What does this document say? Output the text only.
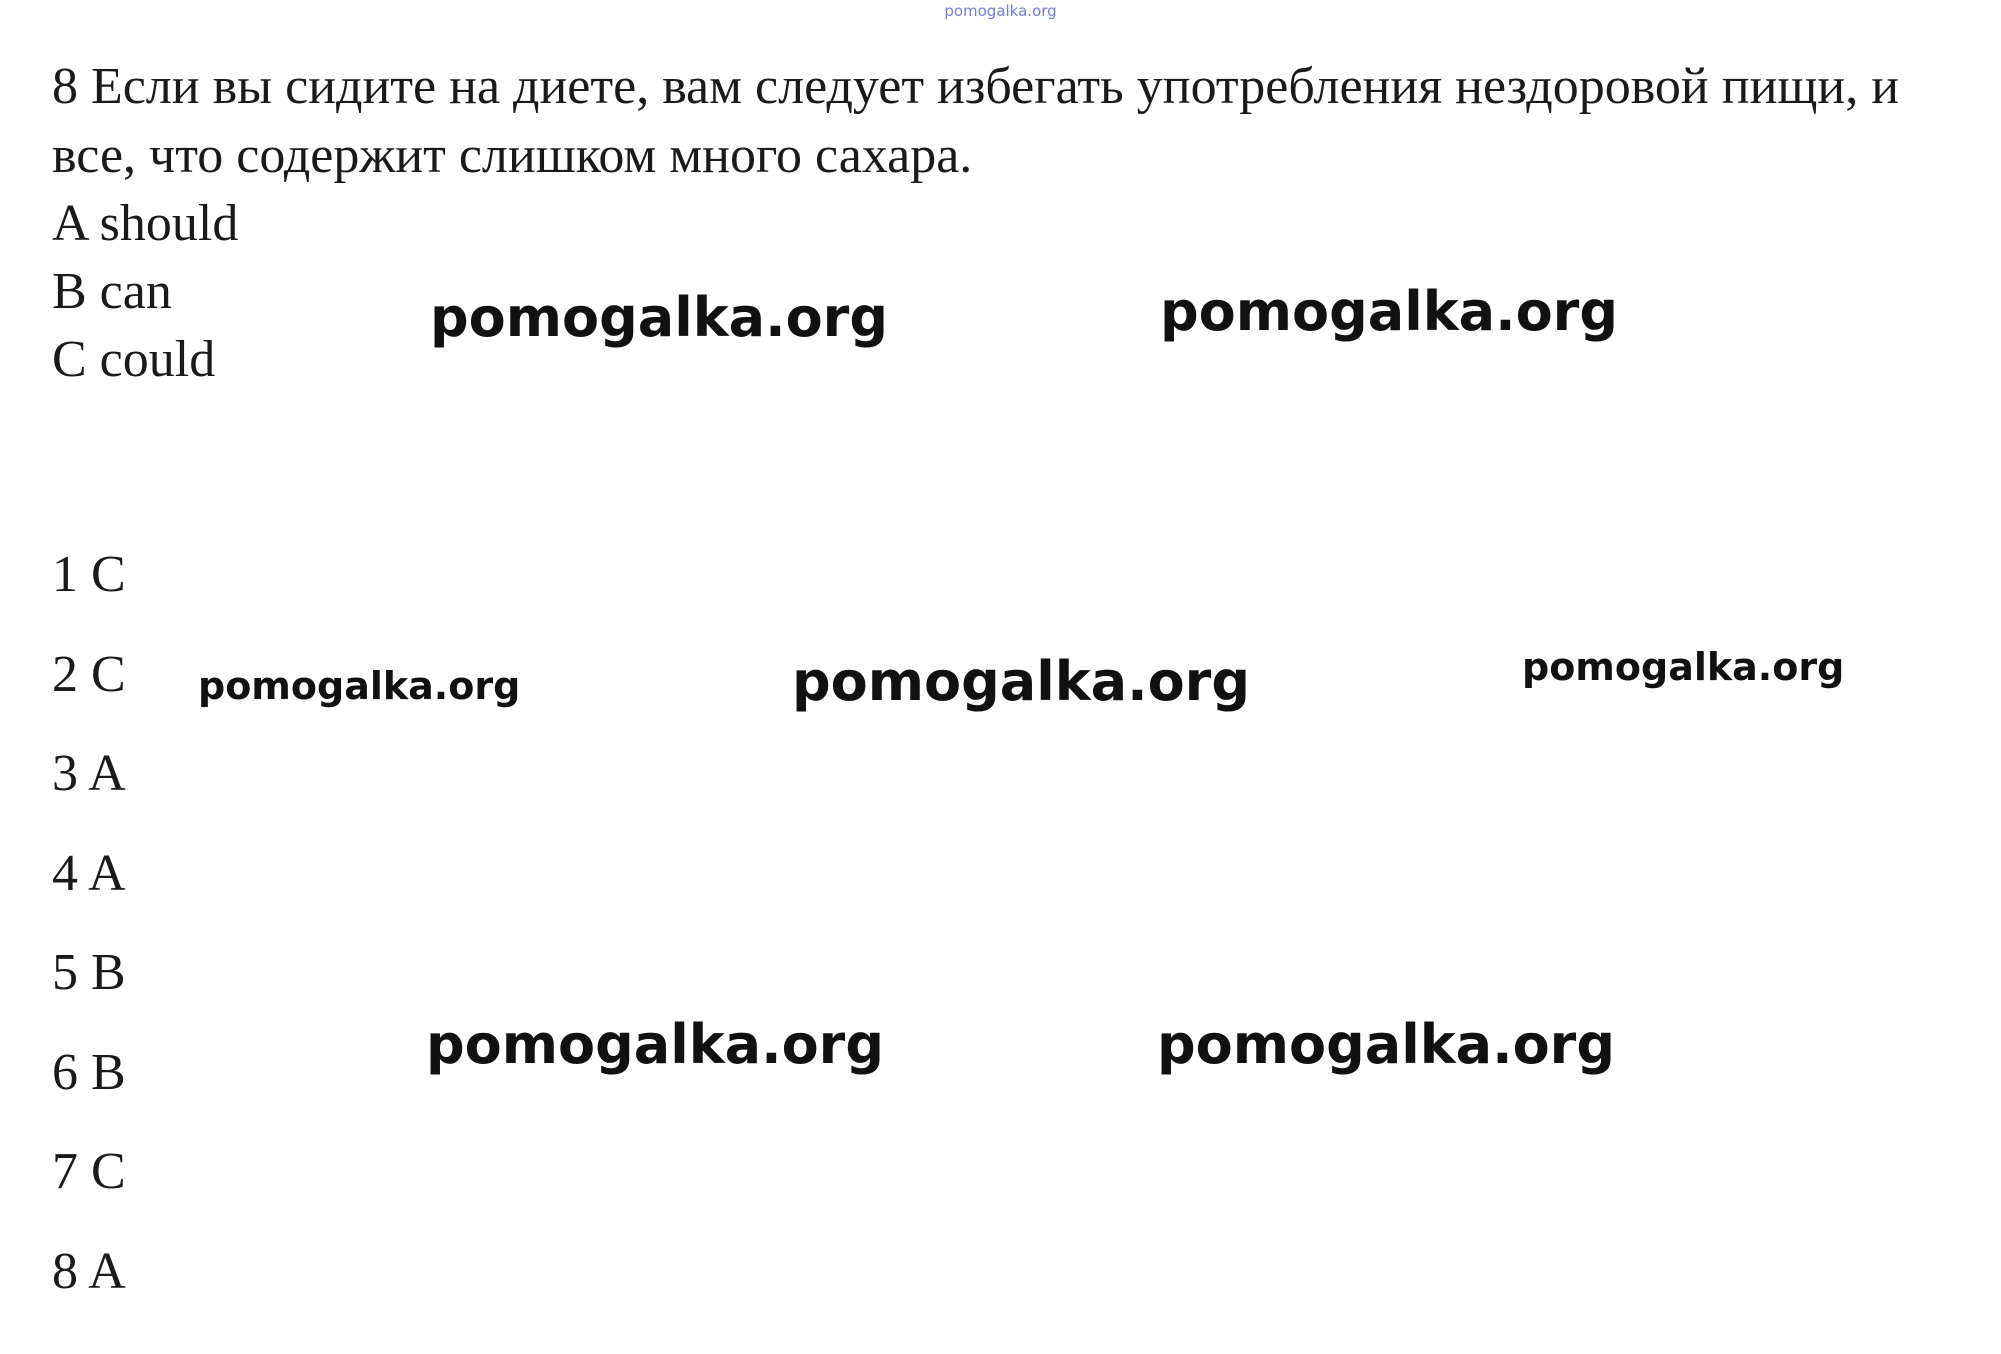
pomogalka.org

8 Если вы сидите на диете, вам следует избегать употребления нездоровой пищи, и все, что содержит слишком много сахара.

A should
B can
C could
1 C
2 C
3 A
4 A
5 B
6 B
7 C
8 A
pomogalka.org	pomogalka.org
pomogalka.org	pomogalka.org	pomogalka.org
pomogalka.org	pomogalka.org
